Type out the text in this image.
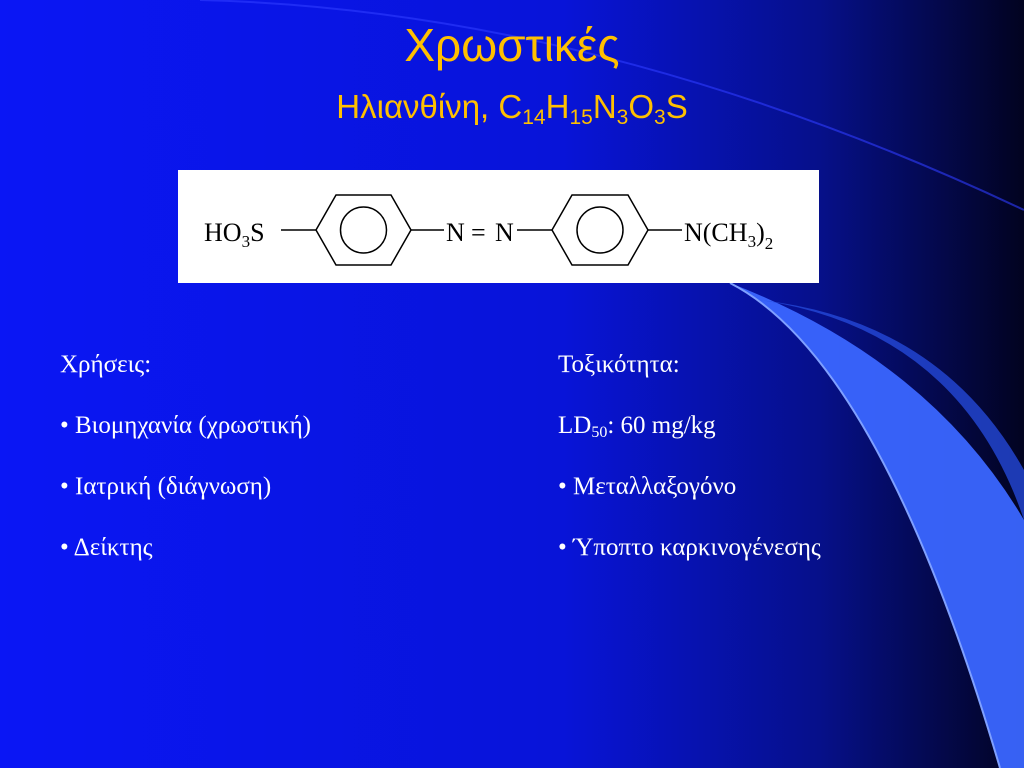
Χρωστικές
Ηλιανθίνη, $C_{14}H_{15}N_3O_3S$
$HO_3S$	N = N	$N(CH_3)_2$
Χρήσεις:
• Βιομηχανία (χρωστική)
• Ιατρική (διάγνωση)
• Δείκτης
Τοξικότητα:
$LD_{50}$: 60 mg/kg
• Μεταλλαξογόνο
• Ύποπτο καρκινογένεσης
